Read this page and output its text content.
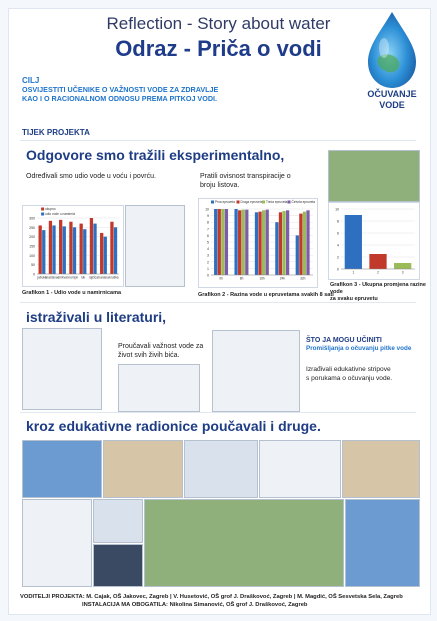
Reflection - Story about water
Odraz - Priča o vodi
OČUVANJE
VODE
CILJ
OSVIJESTITI UČENIKE O VAŽNOSTI VODE ZA ZDRAVLJE
KAO I O RACIONALNOM ODNOSU PREMA PITKOJ VODI.
TIJEK PROJEKTA
Odgovore smo tražili eksperimentalno,
Određivali smo udio vode u voću i povrću.	Pratili ovisnost transpiracije o
broju listova.
0
50
100
150
200
250
300
jabuka
krastavac mrkva krumpir luk rajčica banana kruška
ukupno
udio vode u namirnici
Grafikon 1 - Udio vode u namirnicama
0
1
2
3
4
5
6
7
8
9
10
0h	8h	16h	24h	32h
Prva epruveta Druga epruveta Treća epruveta Četvrta epruveta
Grafikon 2 - Razina vode u epruvetama svakih 8 sati
0
2
4
6
8
10
1	2	3
Grafikon 3 - Ukupna promjena razine vode
za svaku epruvetu
istraživali u literaturi,
Proučavali važnost vode za
život svih živih bića.
ŠTO JA MOGU UČINITI
Promišljanja o očuvanju pitke vode
Izrađivali edukativne stripove
s porukama o očuvanju vode.
kroz edukativne radionice poučavali i druge.
VODITELJI PROJEKTA: M. Cajak, OŠ Jakovec, Zagreb | V. Husetović, OŠ grof J. Draškovoć, Zagreb | M. Magdić, OŠ Sesvetska Sela, Zagreb
INSTALACIJA MA OBOGATILA: Nikolina Simanović, OŠ grof J. Draškovoć, Zagreb
